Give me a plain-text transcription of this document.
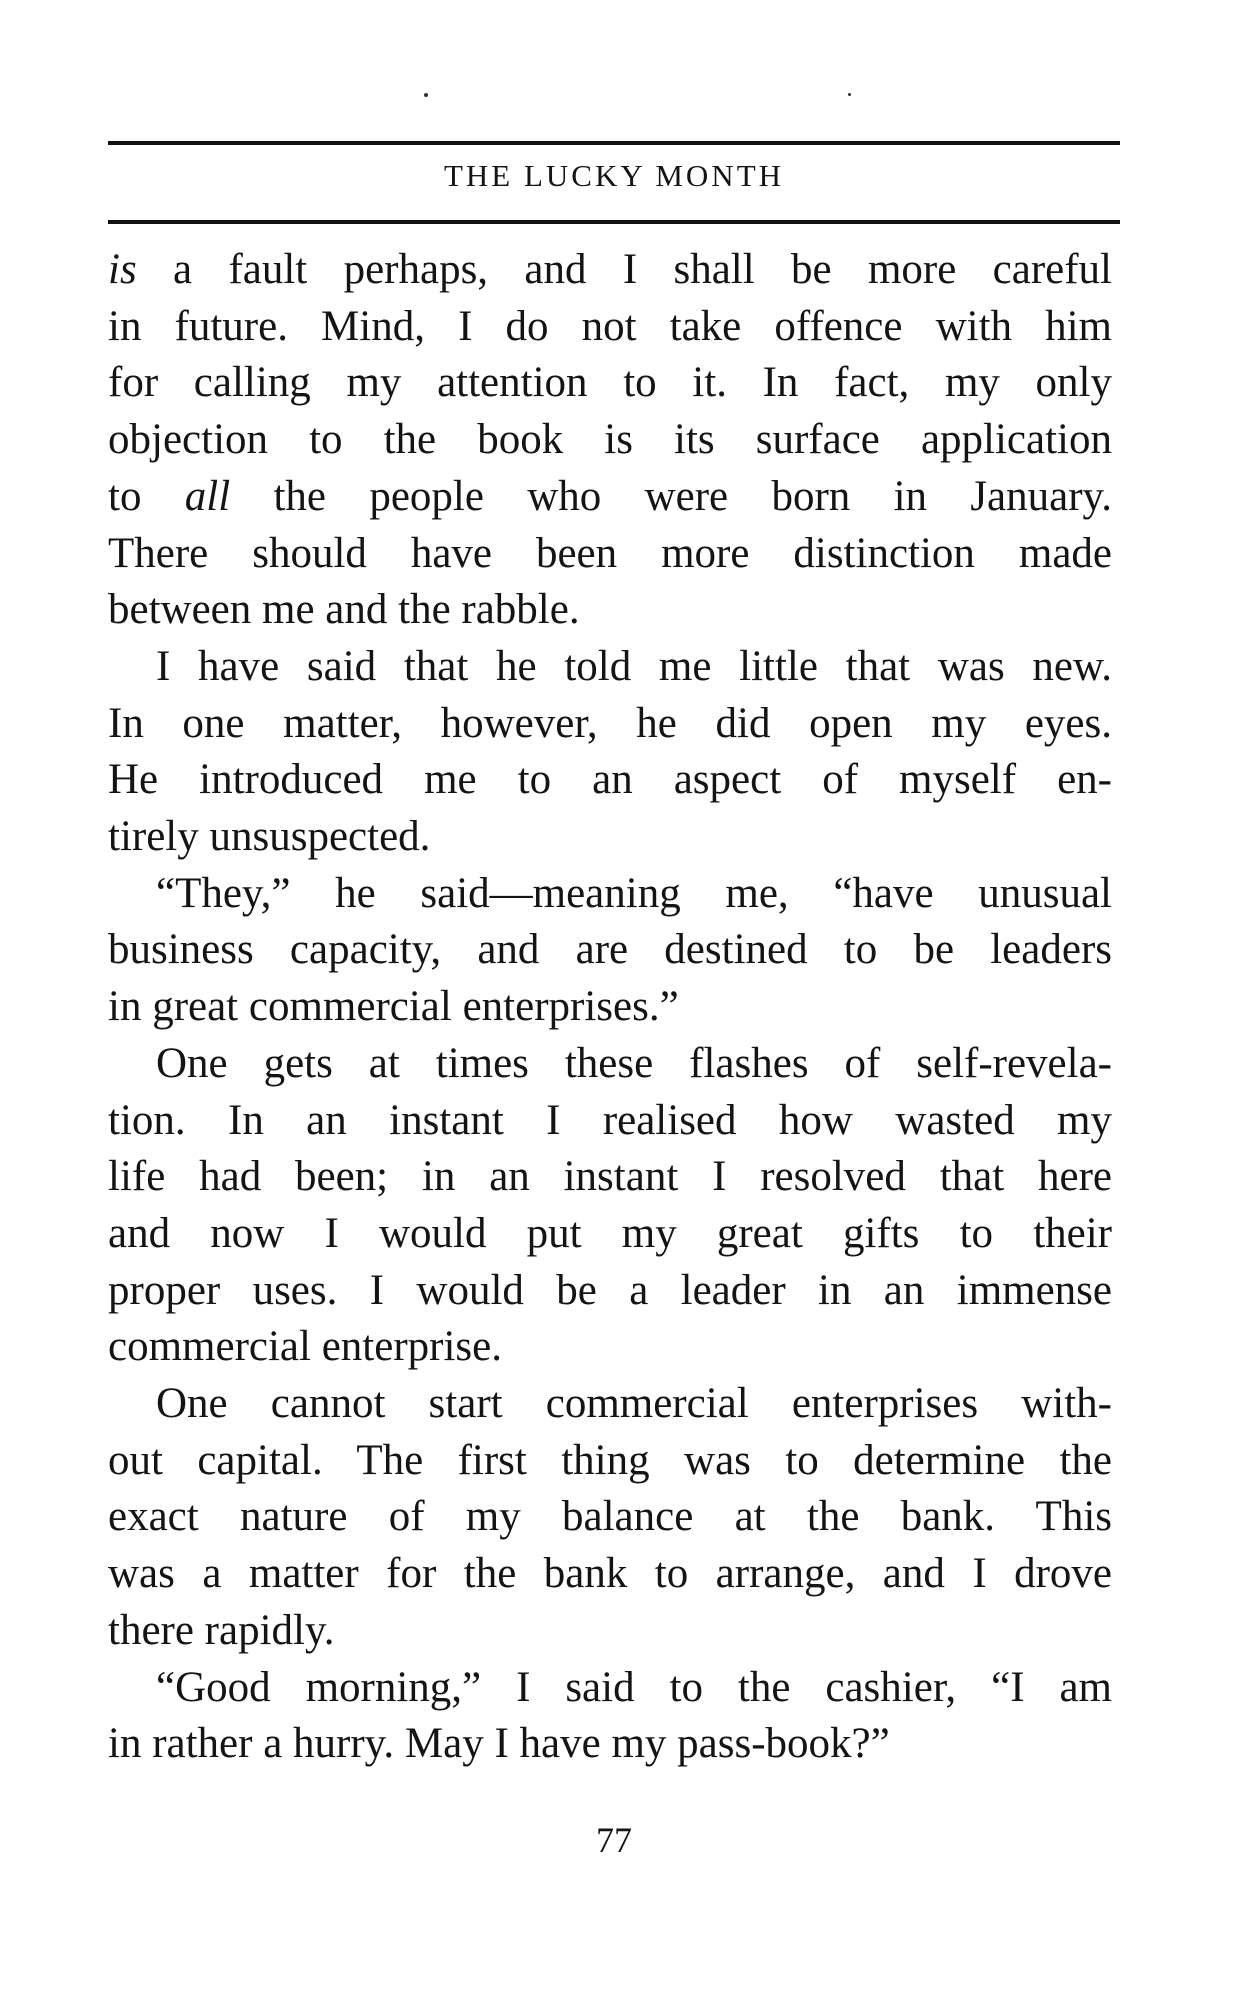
THE LUCKY MONTH

is a fault perhaps, and I shall be more careful

in future. Mind, I do not take offence with him

for calling my attention to it. In fact, my only

objection to the book is its surface application

to all the people who were born in January.

There should have been more distinction made

between me and the rabble.

I have said that he told me little that was new.

In one matter, however, he did open my eyes.

He introduced me to an aspect of myself en-

tirely unsuspected.

“They,” he said—meaning me, “have unusual

business capacity, and are destined to be leaders

in great commercial enterprises.”

One gets at times these flashes of self-revela-

tion. In an instant I realised how wasted my

life had been; in an instant I resolved that here

and now I would put my great gifts to their

proper uses. I would be a leader in an immense

commercial enterprise.

One cannot start commercial enterprises with-

out capital. The first thing was to determine the

exact nature of my balance at the bank. This

was a matter for the bank to arrange, and I drove

there rapidly.

“Good morning,” I said to the cashier, “I am

in rather a hurry. May I have my pass-book?”

77
